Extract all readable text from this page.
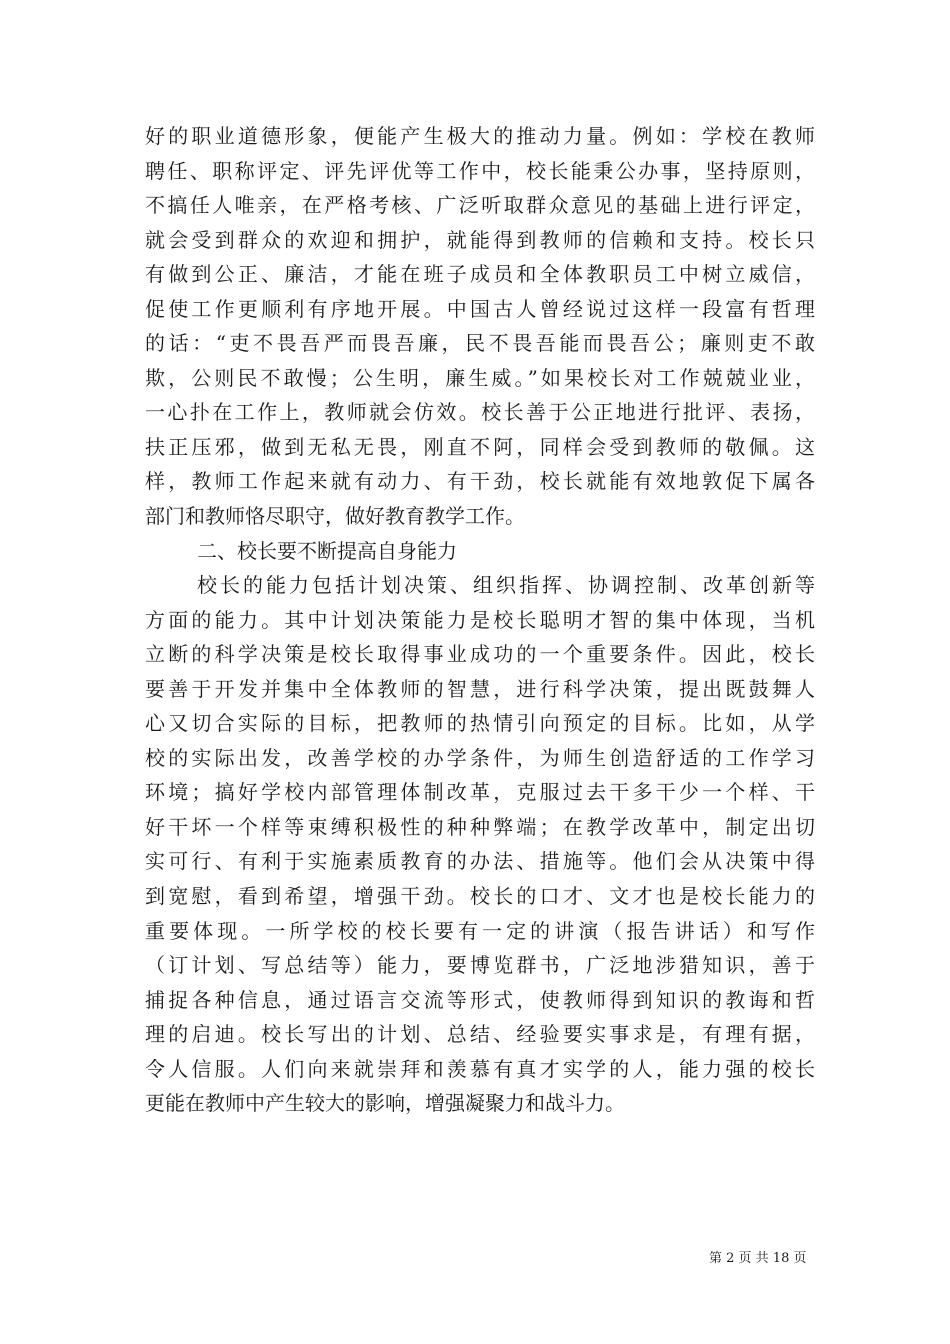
好的职业道德形象，便能产生极大的推动力量。例如：学校在教师
聘任、职称评定、评先评优等工作中，校长能秉公办事，坚持原则，
不搞任人唯亲，在严格考核、广泛听取群众意见的基础上进行评定，
就会受到群众的欢迎和拥护，就能得到教师的信赖和支持。校长只
有做到公正、廉洁，才能在班子成员和全体教职员工中树立威信，
促使工作更顺利有序地开展。中国古人曾经说过这样一段富有哲理
的话：“吏不畏吾严而畏吾廉，民不畏吾能而畏吾公；廉则吏不敢
欺，公则民不敢慢；公生明，廉生威。”如果校长对工作兢兢业业，
一心扑在工作上，教师就会仿效。校长善于公正地进行批评、表扬，
扶正压邪，做到无私无畏，刚直不阿，同样会受到教师的敬佩。这
样，教师工作起来就有动力、有干劲，校长就能有效地敦促下属各
部门和教师恪尽职守，做好教育教学工作。
二、校长要不断提高自身能力
校长的能力包括计划决策、组织指挥、协调控制、改革创新等
方面的能力。其中计划决策能力是校长聪明才智的集中体现，当机
立断的科学决策是校长取得事业成功的一个重要条件。因此，校长
要善于开发并集中全体教师的智慧，进行科学决策，提出既鼓舞人
心又切合实际的目标，把教师的热情引向预定的目标。比如，从学
校的实际出发，改善学校的办学条件，为师生创造舒适的工作学习
环境；搞好学校内部管理体制改革，克服过去干多干少一个样、干
好干坏一个样等束缚积极性的种种弊端；在教学改革中，制定出切
实可行、有利于实施素质教育的办法、措施等。他们会从决策中得
到宽慰，看到希望，增强干劲。校长的口才、文才也是校长能力的
重要体现。一所学校的校长要有一定的讲演（报告讲话）和写作
（订计划、写总结等）能力，要博览群书，广泛地涉猎知识，善于
捕捉各种信息，通过语言交流等形式，使教师得到知识的教诲和哲
理的启迪。校长写出的计划、总结、经验要实事求是，有理有据，
令人信服。人们向来就崇拜和羡慕有真才实学的人，能力强的校长
更能在教师中产生较大的影响，增强凝聚力和战斗力。
第 2 页 共 18 页
